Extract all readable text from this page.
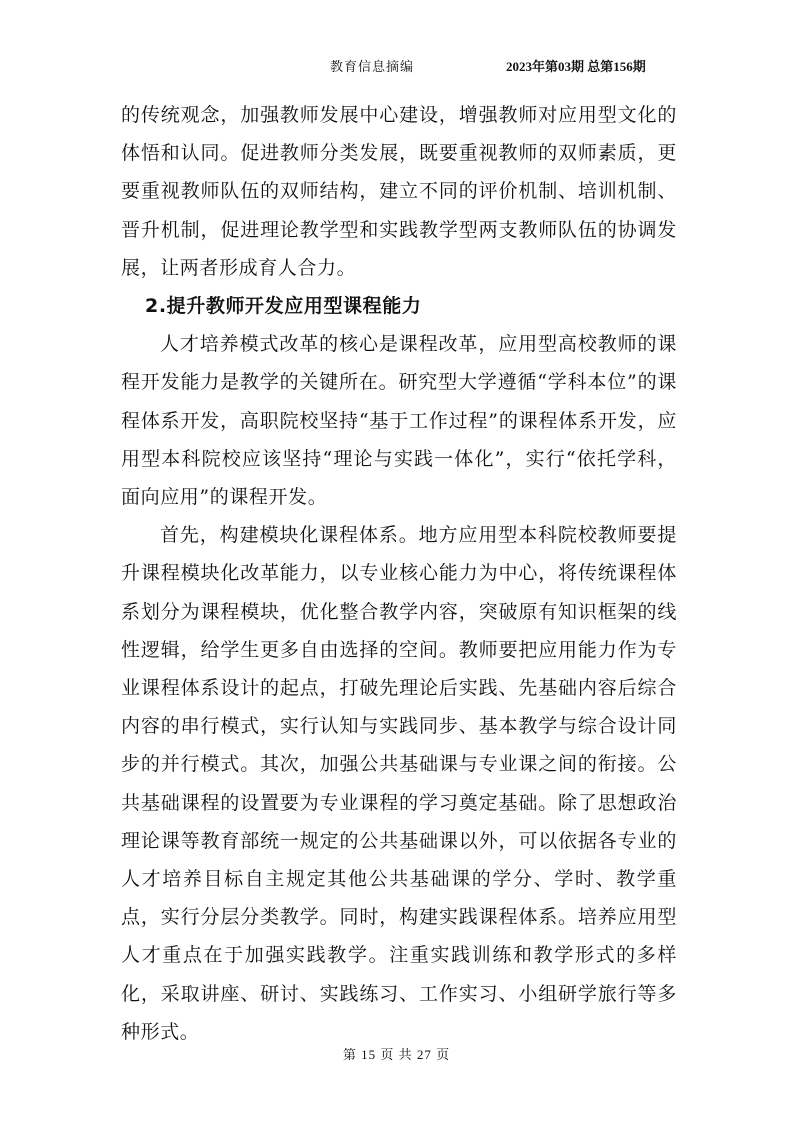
教育信息摘编	2023年第03期 总第156期

的传统观念，加强教师发展中心建设，增强教师对应用型文化的体悟和认同。促进教师分类发展，既要重视教师的双师素质，更要重视教师队伍的双师结构，建立不同的评价机制、培训机制、晋升机制，促进理论教学型和实践教学型两支教师队伍的协调发展，让两者形成育人合力。

2.提升教师开发应用型课程能力

人才培养模式改革的核心是课程改革，应用型高校教师的课程开发能力是教学的关键所在。研究型大学遵循“学科本位”的课程体系开发，高职院校坚持“基于工作过程”的课程体系开发，应用型本科院校应该坚持“理论与实践一体化”，实行“依托学科，面向应用”的课程开发。

首先，构建模块化课程体系。地方应用型本科院校教师要提升课程模块化改革能力，以专业核心能力为中心，将传统课程体系划分为课程模块，优化整合教学内容，突破原有知识框架的线性逻辑，给学生更多自由选择的空间。教师要把应用能力作为专业课程体系设计的起点，打破先理论后实践、先基础内容后综合内容的串行模式，实行认知与实践同步、基本教学与综合设计同步的并行模式。其次，加强公共基础课与专业课之间的衔接。公共基础课程的设置要为专业课程的学习奠定基础。除了思想政治理论课等教育部统一规定的公共基础课以外，可以依据各专业的人才培养目标自主规定其他公共基础课的学分、学时、教学重点，实行分层分类教学。同时，构建实践课程体系。培养应用型人才重点在于加强实践教学。注重实践训练和教学形式的多样化，采取讲座、研讨、实践练习、工作实习、小组研学旅行等多种形式。

第 15 页 共 27 页
